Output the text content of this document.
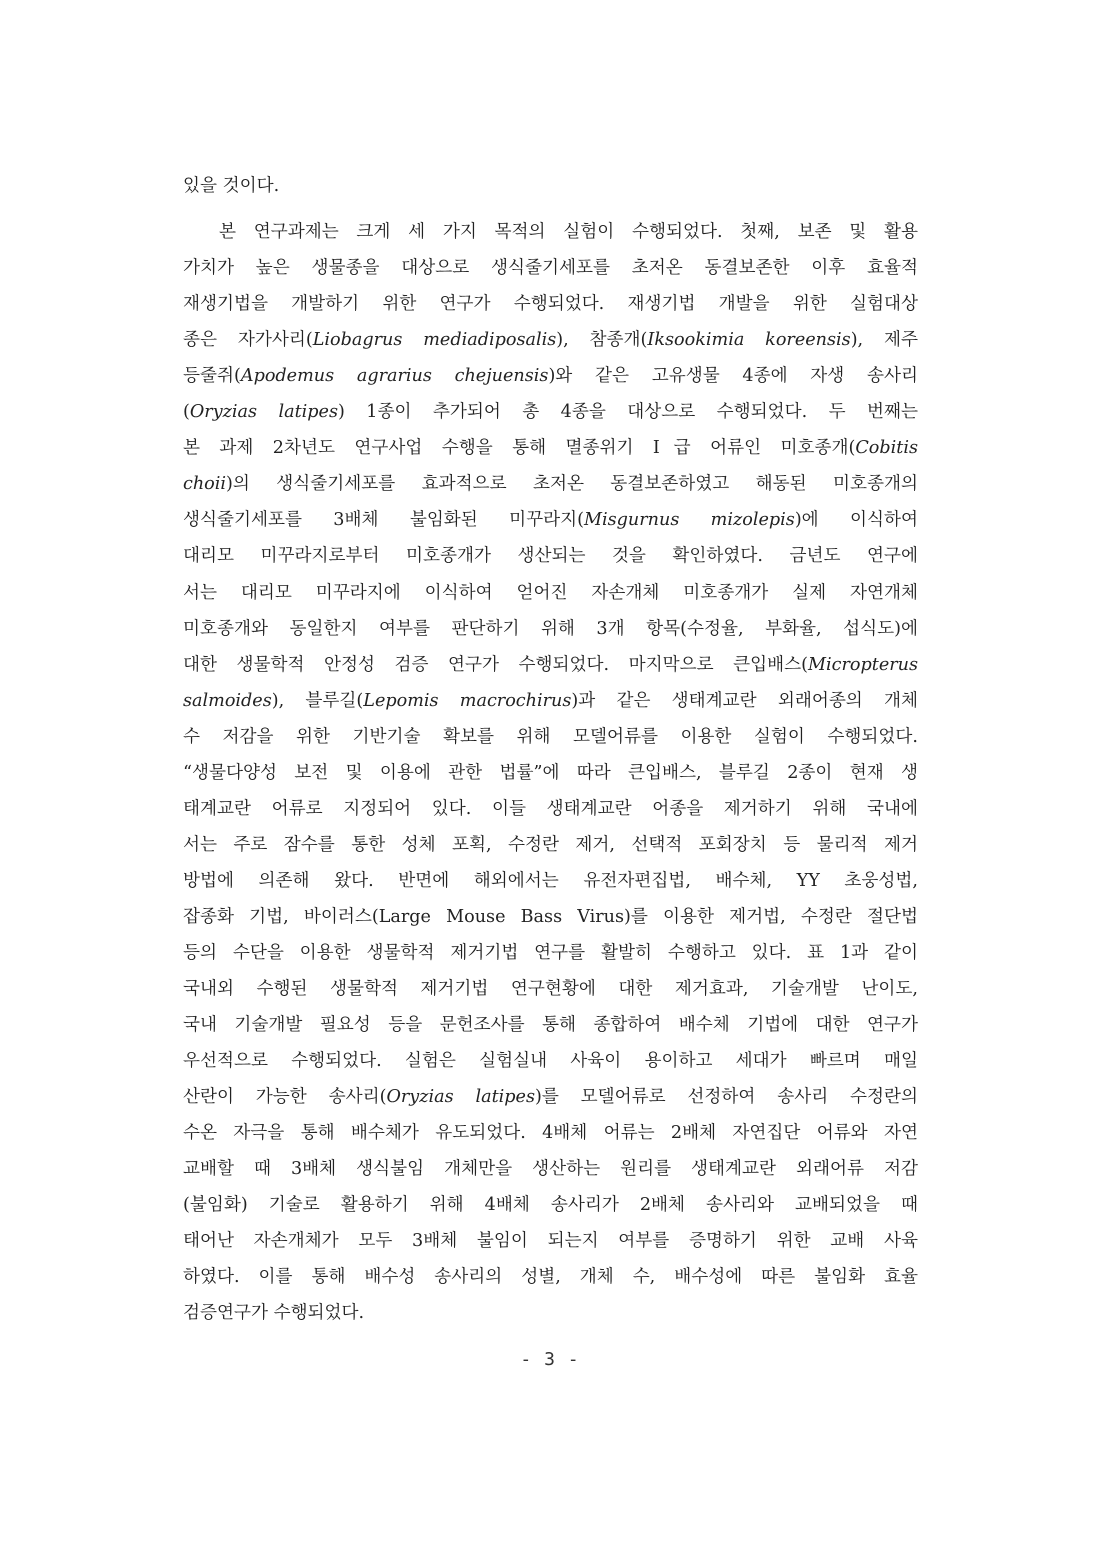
있을 것이다.
본 연구과제는 크게 세 가지 목적의 실험이 수행되었다. 첫째, 보존 및 활용
가치가 높은 생물종을 대상으로 생식줄기세포를 초저온 동결보존한 이후 효율적
재생기법을 개발하기 위한 연구가 수행되었다. 재생기법 개발을 위한 실험대상
종은 자가사리(Liobagrus mediadiposalis), 참종개(Iksookimia koreensis), 제주
등줄쥐(Apodemus agrarius chejuensis)와 같은 고유생물 4종에 자생 송사리
(Oryzias latipes) 1종이 추가되어 총 4종을 대상으로 수행되었다. 두 번째는
본 과제 2차년도 연구사업 수행을 통해 멸종위기 Ⅰ급 어류인 미호종개(Cobitis
choii)의 생식줄기세포를 효과적으로 초저온 동결보존하였고 해동된 미호종개의
생식줄기세포를 3배체 불임화된 미꾸라지(Misgurnus mizolepis)에 이식하여
대리모 미꾸라지로부터 미호종개가 생산되는 것을 확인하였다. 금년도 연구에
서는 대리모 미꾸라지에 이식하여 얻어진 자손개체 미호종개가 실제 자연개체
미호종개와 동일한지 여부를 판단하기 위해 3개 항목(수정율, 부화율, 섭식도)에
대한 생물학적 안정성 검증 연구가 수행되었다. 마지막으로 큰입배스(Micropterus
salmoides), 블루길(Lepomis macrochirus)과 같은 생태계교란 외래어종의 개체
수 저감을 위한 기반기술 확보를 위해 모델어류를 이용한 실험이 수행되었다.
“생물다양성 보전 및 이용에 관한 법률”에 따라 큰입배스, 블루길 2종이 현재 생
태계교란 어류로 지정되어 있다. 이들 생태계교란 어종을 제거하기 위해 국내에
서는 주로 잠수를 통한 성체 포획, 수정란 제거, 선택적 포회장치 등 물리적 제거
방법에 의존해 왔다. 반면에 해외에서는 유전자편집법, 배수체, YY 초웅성법,
잡종화 기법, 바이러스(Large Mouse Bass Virus)를 이용한 제거법, 수정란 절단법
등의 수단을 이용한 생물학적 제거기법 연구를 활발히 수행하고 있다. 표 1과 같이
국내외 수행된 생물학적 제거기법 연구현황에 대한 제거효과, 기술개발 난이도,
국내 기술개발 필요성 등을 문헌조사를 통해 종합하여 배수체 기법에 대한 연구가
우선적으로 수행되었다. 실험은 실험실내 사육이 용이하고 세대가 빠르며 매일
산란이 가능한 송사리(Oryzias latipes)를 모델어류로 선정하여 송사리 수정란의
수온 자극을 통해 배수체가 유도되었다. 4배체 어류는 2배체 자연집단 어류와 자연
교배할 때 3배체 생식불임 개체만을 생산하는 원리를 생태계교란 외래어류 저감
(불임화) 기술로 활용하기 위해 4배체 송사리가 2배체 송사리와 교배되었을 때
태어난 자손개체가 모두 3배체 불임이 되는지 여부를 증명하기 위한 교배 사육
하였다. 이를 통해 배수성 송사리의 성별, 개체 수, 배수성에 따른 불임화 효율
검증연구가 수행되었다.
- 3 -
